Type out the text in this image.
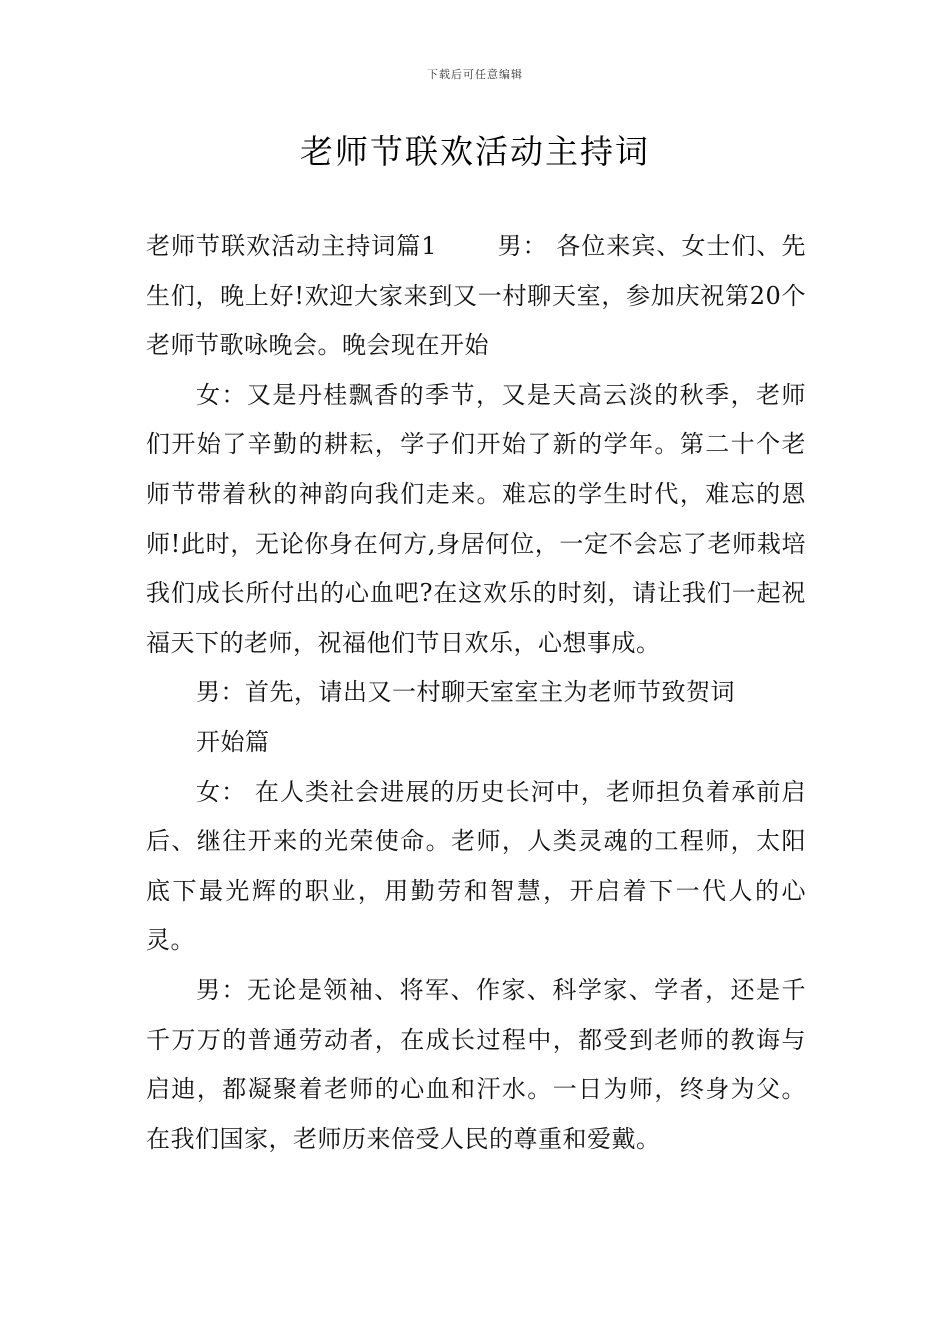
下载后可任意编辑
老师节联欢活动主持词

老师节联欢活动主持词篇1	男： 各位来宾、女士们、先生们，晚上好!欢迎大家来到又一村聊天室，参加庆祝第20个老师节歌咏晚会。晚会现在开始

女：又是丹桂飘香的季节，又是天高云淡的秋季，老师们开始了辛勤的耕耘，学子们开始了新的学年。第二十个老师节带着秋的神韵向我们走来。难忘的学生时代，难忘的恩师!此时，无论你身在何方,身居何位，一定不会忘了老师栽培我们成长所付出的心血吧?在这欢乐的时刻，请让我们一起祝福天下的老师，祝福他们节日欢乐，心想事成。

男：首先，请出又一村聊天室室主为老师节致贺词

开始篇

女： 在人类社会进展的历史长河中，老师担负着承前启后、继往开来的光荣使命。老师，人类灵魂的工程师，太阳底下最光辉的职业，用勤劳和智慧，开启着下一代人的心灵。

男：无论是领袖、将军、作家、科学家、学者，还是千千万万的普通劳动者，在成长过程中，都受到老师的教诲与启迪，都凝聚着老师的心血和汗水。一日为师，终身为父。在我们国家，老师历来倍受人民的尊重和爱戴。
